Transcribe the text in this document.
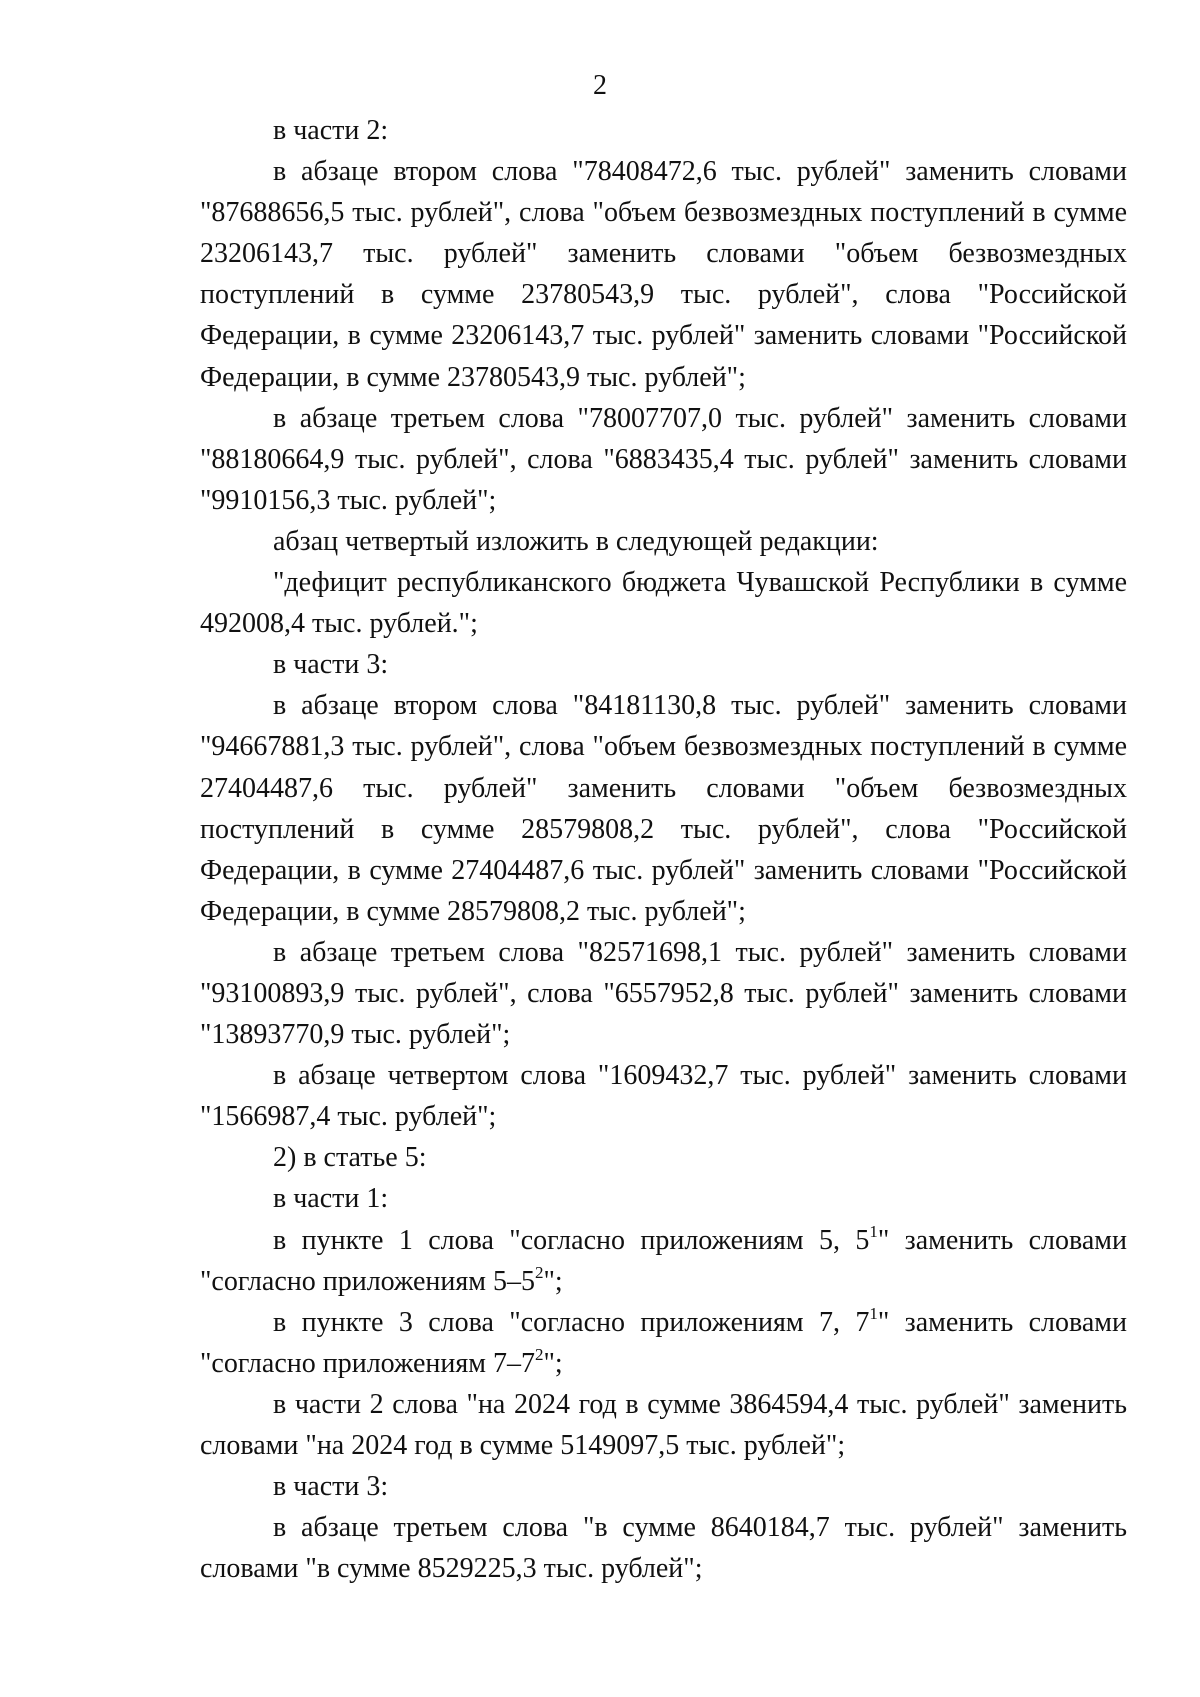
2

в части 2:

в абзаце втором слова "78408472,6 тыс. рублей" заменить словами "87688656,5 тыс. рублей", слова "объем безвозмездных поступлений в сумме 23206143,7 тыс. рублей" заменить словами "объем безвозмездных поступлений в сумме 23780543,9 тыс. рублей", слова "Российской Федерации, в сумме 23206143,7 тыс. рублей" заменить словами "Российской Федерации, в сумме 23780543,9 тыс. рублей";

в абзаце третьем слова "78007707,0 тыс. рублей" заменить словами "88180664,9 тыс. рублей", слова "6883435,4 тыс. рублей" заменить словами "9910156,3 тыс. рублей";

абзац четвертый изложить в следующей редакции:

"дефицит республиканского бюджета Чувашской Республики в сумме 492008,4 тыс. рублей.";

в части 3:

в абзаце втором слова "84181130,8 тыс. рублей" заменить словами "94667881,3 тыс. рублей", слова "объем безвозмездных поступлений в сумме 27404487,6 тыс. рублей" заменить словами "объем безвозмездных поступлений в сумме 28579808,2 тыс. рублей", слова "Российской Федерации, в сумме 27404487,6 тыс. рублей" заменить словами "Российской Федерации, в сумме 28579808,2 тыс. рублей";

в абзаце третьем слова "82571698,1 тыс. рублей" заменить словами "93100893,9 тыс. рублей", слова "6557952,8 тыс. рублей" заменить словами "13893770,9 тыс. рублей";

в абзаце четвертом слова "1609432,7 тыс. рублей" заменить словами "1566987,4 тыс. рублей";

2) в статье 5:

в части 1:

в пункте 1 слова "согласно приложениям 5, $5^1$" заменить словами "согласно приложениям $5-5^2$";

в пункте 3 слова "согласно приложениям 7, $7^1$" заменить словами "согласно приложениям $7-7^2$";

в части 2 слова "на 2024 год в сумме 3864594,4 тыс. рублей" заменить словами "на 2024 год в сумме 5149097,5 тыс. рублей";

в части 3:

в абзаце третьем слова "в сумме 8640184,7 тыс. рублей" заменить словами "в сумме 8529225,3 тыс. рублей";
